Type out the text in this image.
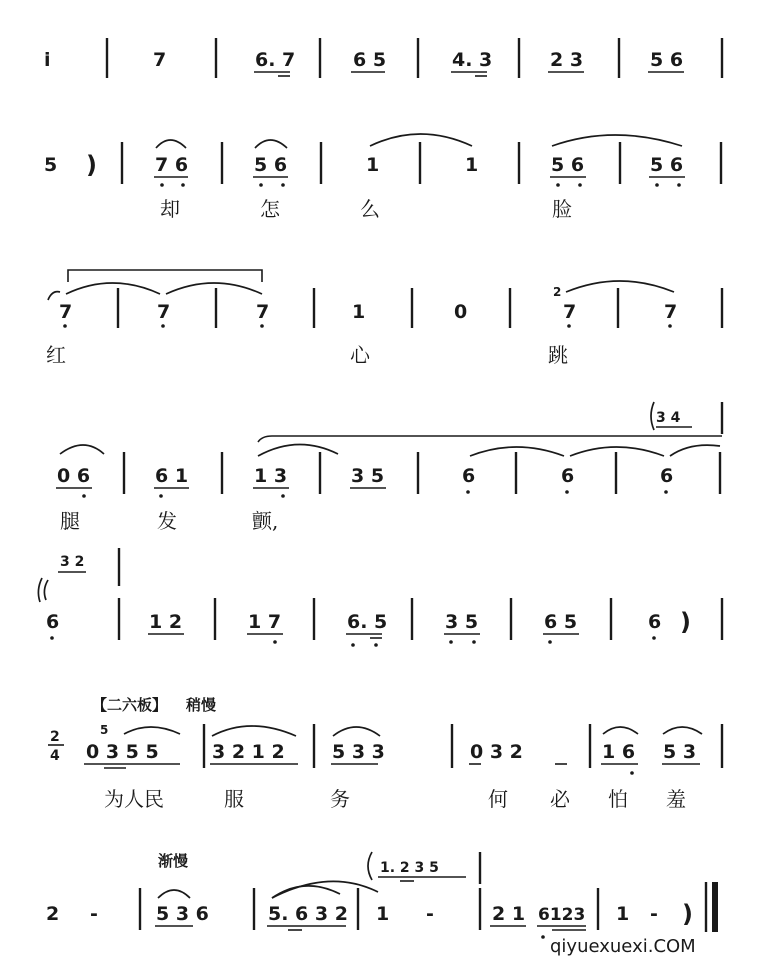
i	7	6. 7	6 5	4. 3	2 3	5 6
5 )	7 6	5 6	1	1	5 6	5 6
却	怎	么	脸
7	7	7	1	0
2
7	7
红	心	跳
3 4
0 6	6 1	1 3	3 5	6	6	6
腿	发	颤,
3 2
6	1 2	1 7	6. 5	3 5	6 5	6 )
【二六板】 稍慢
2
4
5
0 3 5 5	3 2 1 2 5 3 3	0 3 2	1 6 5 3
为人民	服	务	何 必 怕 羞
渐慢	1. 2 3 5
2 -	5 3 6	5. 6 3 2 1 -	2 1 6123 1 - )
qiyuexuexi.COM
